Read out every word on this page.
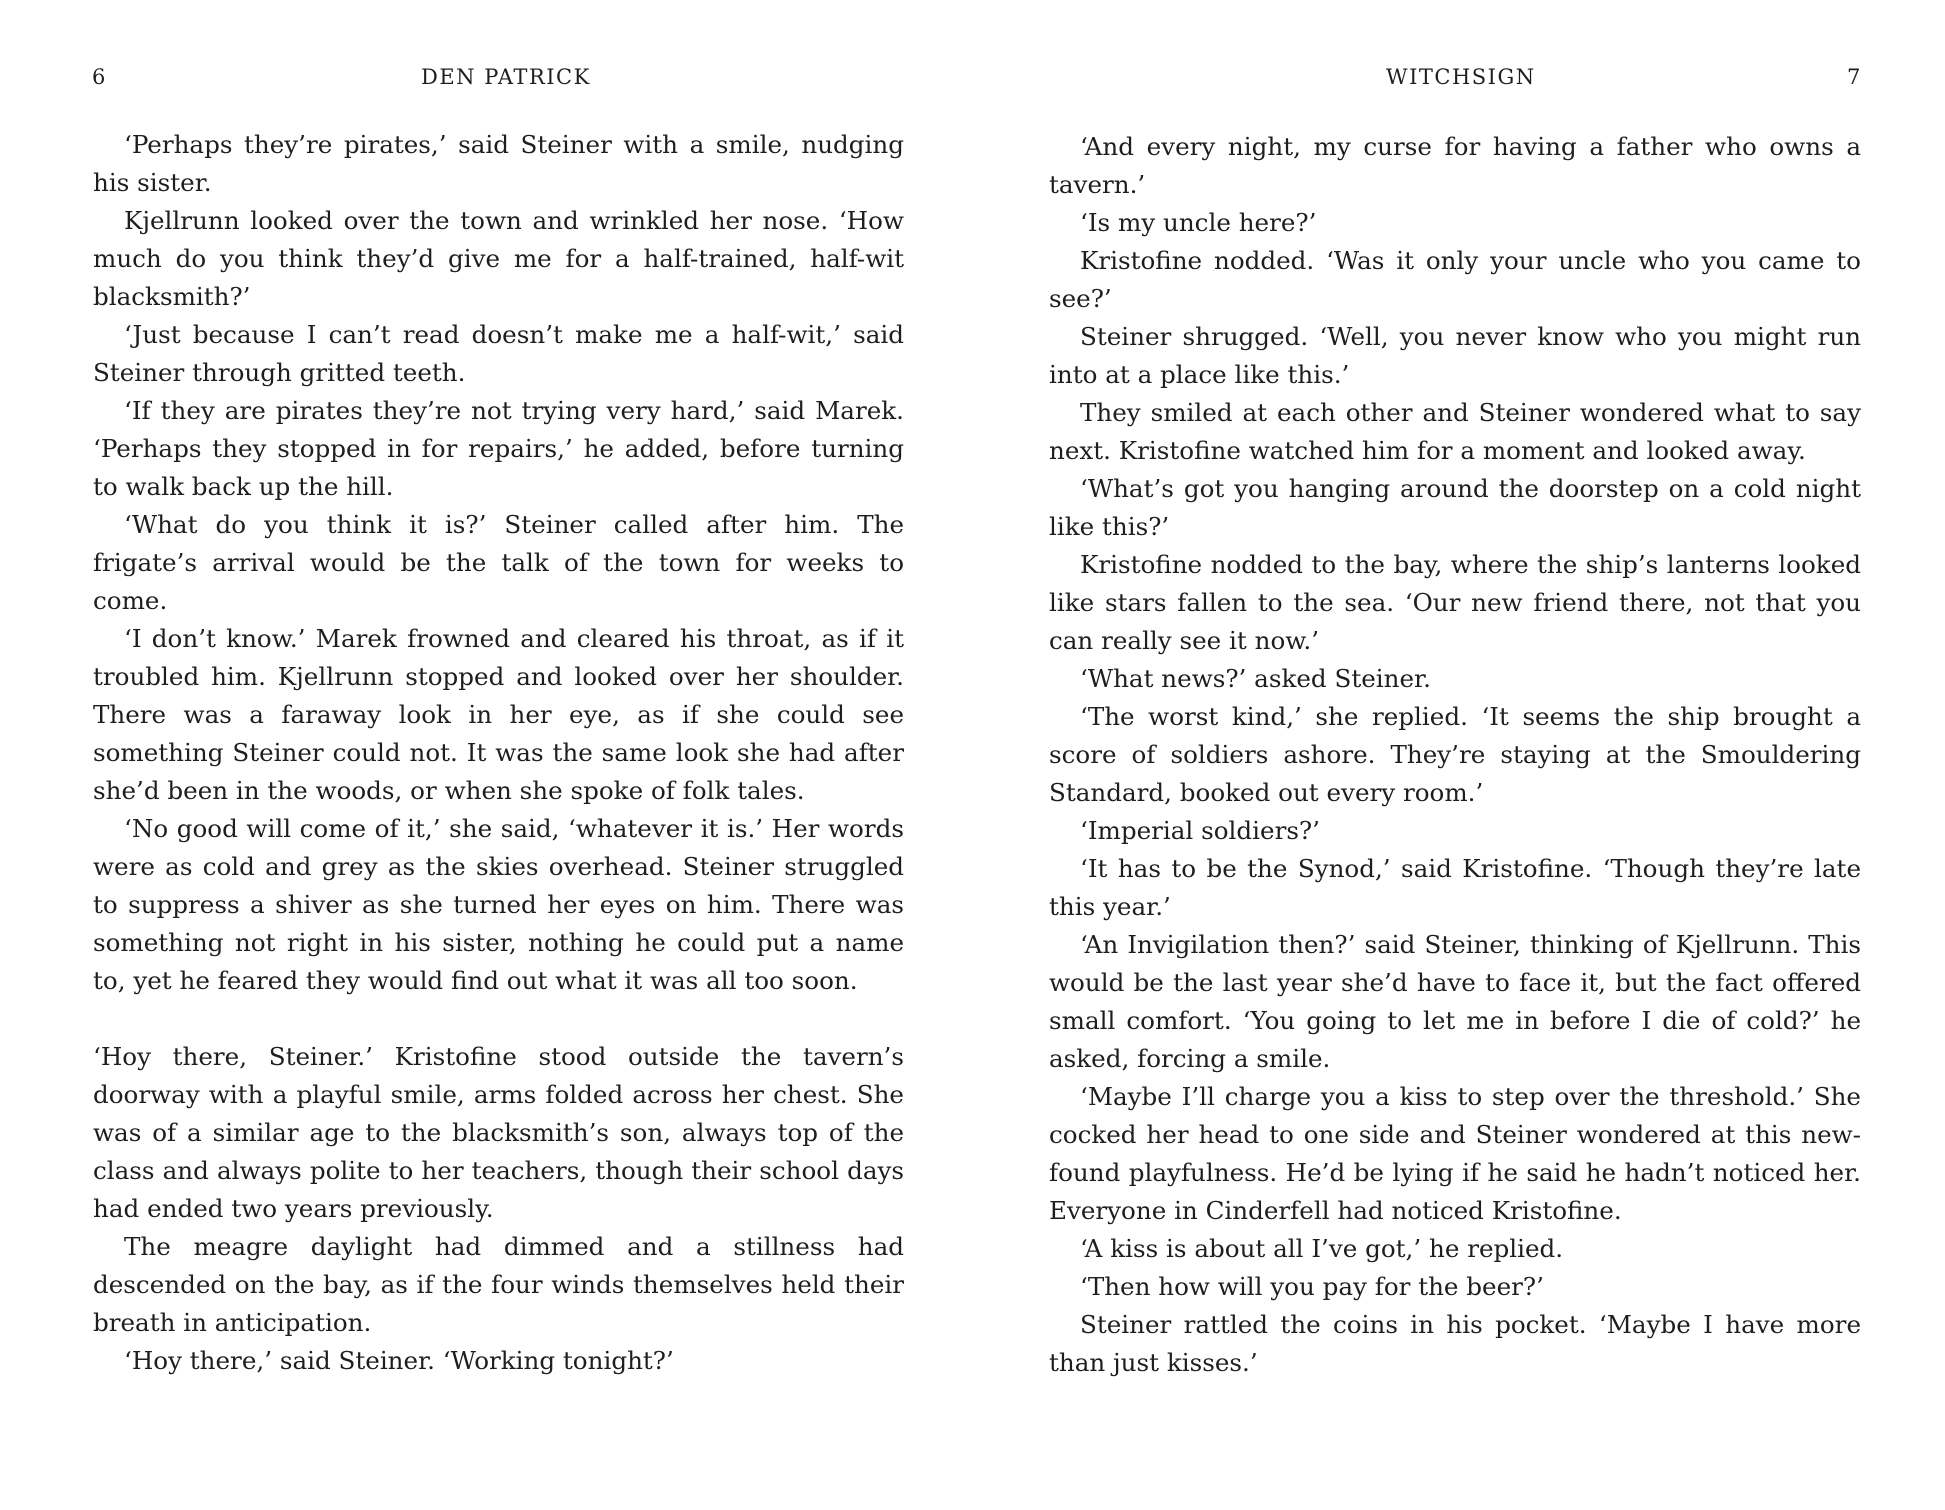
6	DEN PATRICK

‘Perhaps they’re pirates,’ said Steiner with a smile, nudging his sister.

Kjellrunn looked over the town and wrinkled her nose. ‘How much do you think they’d give me for a half-trained, half-wit blacksmith?’

‘Just because I can’t read doesn’t make me a half-wit,’ said Steiner through gritted teeth.

‘If they are pirates they’re not trying very hard,’ said Marek. ‘Perhaps they stopped in for repairs,’ he added, before turning to walk back up the hill.

‘What do you think it is?’ Steiner called after him. The frigate’s arrival would be the talk of the town for weeks to come.

‘I don’t know.’ Marek frowned and cleared his throat, as if it troubled him. Kjellrunn stopped and looked over her shoulder. There was a faraway look in her eye, as if she could see something Steiner could not. It was the same look she had after she’d been in the woods, or when she spoke of folk tales.

‘No good will come of it,’ she said, ‘whatever it is.’ Her words were as cold and grey as the skies overhead. Steiner struggled to suppress a shiver as she turned her eyes on him. There was something not right in his sister, nothing he could put a name to, yet he feared they would find out what it was all too soon.

‘Hoy there, Steiner.’ Kristofine stood outside the tavern’s doorway with a playful smile, arms folded across her chest. She was of a similar age to the blacksmith’s son, always top of the class and always polite to her teachers, though their school days had ended two years previously.

The meagre daylight had dimmed and a stillness had descended on the bay, as if the four winds themselves held their breath in anticipation.

‘Hoy there,’ said Steiner. ‘Working tonight?’

WITCHSIGN	7

‘And every night, my curse for having a father who owns a tavern.’

‘Is my uncle here?’

Kristofine nodded. ‘Was it only your uncle who you came to see?’

Steiner shrugged. ‘Well, you never know who you might run into at a place like this.’

They smiled at each other and Steiner wondered what to say next. Kristofine watched him for a moment and looked away.

‘What’s got you hanging around the doorstep on a cold night like this?’

Kristofine nodded to the bay, where the ship’s lanterns looked like stars fallen to the sea. ‘Our new friend there, not that you can really see it now.’

‘What news?’ asked Steiner.

‘The worst kind,’ she replied. ‘It seems the ship brought a score of soldiers ashore. They’re staying at the Smouldering Standard, booked out every room.’

‘Imperial soldiers?’

‘It has to be the Synod,’ said Kristofine. ‘Though they’re late this year.’

‘An Invigilation then?’ said Steiner, thinking of Kjellrunn. This would be the last year she’d have to face it, but the fact offered small comfort. ‘You going to let me in before I die of cold?’ he asked, forcing a smile.

‘Maybe I’ll charge you a kiss to step over the threshold.’ She cocked her head to one side and Steiner wondered at this new-found playfulness. He’d be lying if he said he hadn’t noticed her. Everyone in Cinderfell had noticed Kristofine.

‘A kiss is about all I’ve got,’ he replied.

‘Then how will you pay for the beer?’

Steiner rattled the coins in his pocket. ‘Maybe I have more than just kisses.’
